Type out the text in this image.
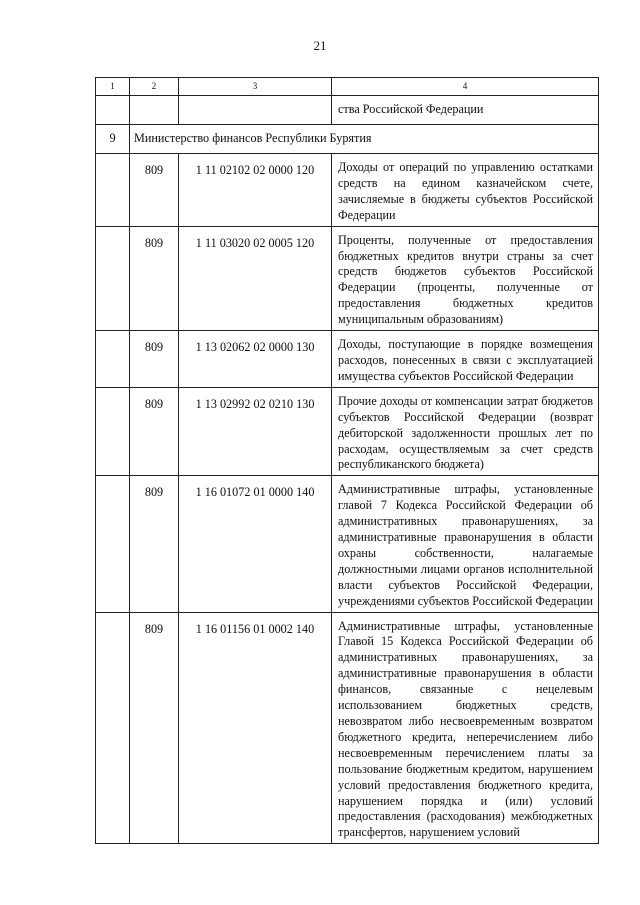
21
1	2	3	4
			ства Российской Федерации
9	Министерство финансов Республики Бурятия		
	809	1 11 02102 02 0000 120	Доходы от операций по управлению остатками средств на едином казначейском счете, зачисляемые в бюджеты субъектов Российской Федерации
	809	1 11 03020 02 0005 120	Проценты, полученные от предоставления бюджетных кредитов внутри страны за счет средств бюджетов субъектов Российской Федерации (проценты, полученные от предоставления бюджетных кредитов муниципальным образованиям)
	809	1 13 02062 02 0000 130	Доходы, поступающие в порядке возмещения расходов, понесенных в связи с эксплуатацией имущества субъектов Российской Федерации
	809	1 13 02992 02 0210 130	Прочие доходы от компенсации затрат бюджетов субъектов Российской Федерации (возврат дебиторской задолженности прошлых лет по расходам, осуществляемым за счет средств республиканского бюджета)
	809	1 16 01072 01 0000 140	Административные штрафы, установленные главой 7 Кодекса Российской Федерации об административных правонарушениях, за административные правонарушения в области охраны собственности, налагаемые должностными лицами органов исполнительной власти субъектов Российской Федерации, учреждениями субъектов Российской Федерации
	809	1 16 01156 01 0002 140	Административные штрафы, установленные Главой 15 Кодекса Российской Федерации об административных правонарушениях, за административные правонарушения в области финансов, связанные с нецелевым использованием бюджетных средств, невозвратом либо несвоевременным возвратом бюджетного кредита, неперечислением либо несвоевременным перечислением платы за пользование бюджетным кредитом, нарушением условий предоставления бюджетного кредита, нарушением порядка и (или) условий предоставления (расходования) межбюджетных трансфертов, нарушением условий
